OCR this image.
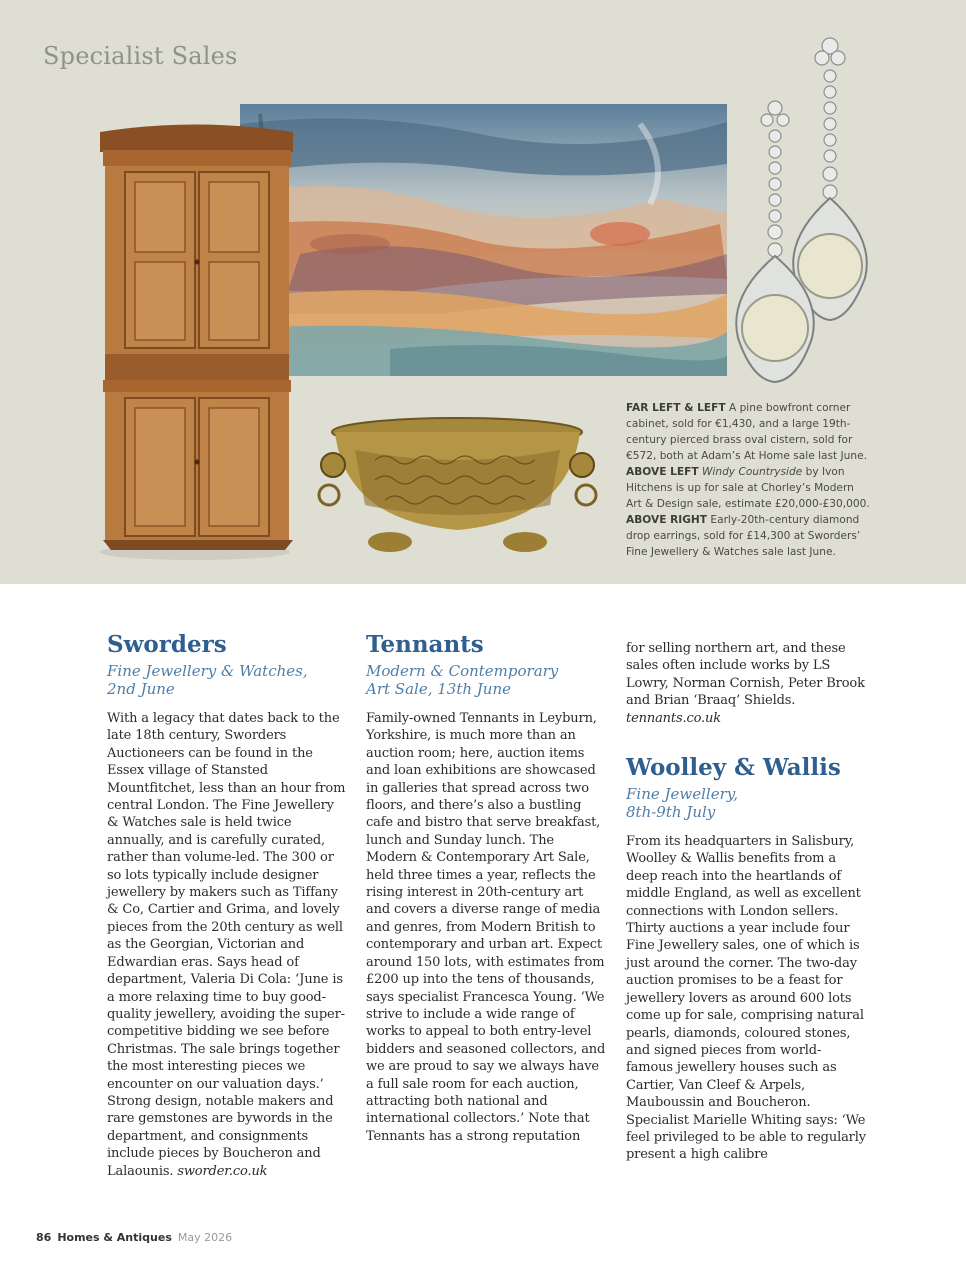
Specialist Sales

FAR LEFT & LEFT A pine bowfront corner cabinet, sold for €1,430, and a large 19th-century pierced brass oval cistern, sold for €572, both at Adam’s At Home sale last June.

ABOVE LEFT Windy Countryside by Ivon Hitchens is up for sale at Chorley’s Modern Art & Design sale, estimate £20,000-£30,000.

ABOVE RIGHT Early-20th-century diamond drop earrings, sold for £14,300 at Sworders’ Fine Jewellery & Watches sale last June.

Sworders
Fine Jewellery & Watches,
2nd June

With a legacy that dates back to the late 18th century, Sworders Auctioneers can be found in the Essex village of Stansted Mountfitchet, less than an hour from central London. The Fine Jewellery & Watches sale is held twice annually, and is carefully curated, rather than volume-led. The 300 or so lots typically include designer jewellery by makers such as Tiffany & Co, Cartier and Grima, and lovely pieces from the 20th century as well as the Georgian, Victorian and Edwardian eras. Says head of department, Valeria Di Cola: ‘June is a more relaxing time to buy good-quality jewellery, avoiding the super-competitive bidding we see before Christmas. The sale brings together the most interesting pieces we encounter on our valuation days.’ Strong design, notable makers and rare gemstones are bywords in the department, and consignments include pieces by Boucheron and Lalaounis. sworder.co.uk

Tennants
Modern & Contemporary
Art Sale, 13th June

Family-owned Tennants in Leyburn, Yorkshire, is much more than an auction room; here, auction items and loan exhibitions are showcased in galleries that spread across two floors, and there’s also a bustling cafe and bistro that serve breakfast, lunch and Sunday lunch. The Modern & Contemporary Art Sale, held three times a year, reflects the rising interest in 20th-century art and covers a diverse range of media and genres, from Modern British to contemporary and urban art. Expect around 150 lots, with estimates from £200 up into the tens of thousands, says specialist Francesca Young. ‘We strive to include a wide range of works to appeal to both entry-level bidders and seasoned collectors, and we are proud to say we always have a full sale room for each auction, attracting both national and international collectors.’ Note that Tennants has a strong reputation

for selling northern art, and these sales often include works by LS Lowry, Norman Cornish, Peter Brook and Brian ‘Braaq’ Shields. tennants.co.uk

Woolley & Wallis
Fine Jewellery,
8th-9th July

From its headquarters in Salisbury, Woolley & Wallis benefits from a deep reach into the heartlands of middle England, as well as excellent connections with London sellers. Thirty auctions a year include four Fine Jewellery sales, one of which is just around the corner. The two-day auction promises to be a feast for jewellery lovers as around 600 lots come up for sale, comprising natural pearls, diamonds, coloured stones, and signed pieces from world-famous jewellery houses such as Cartier, Van Cleef & Arpels, Mauboussin and Boucheron. Specialist Marielle Whiting says: ‘We feel privileged to be able to regularly present a high calibre

86 Homes & Antiques May 2026
